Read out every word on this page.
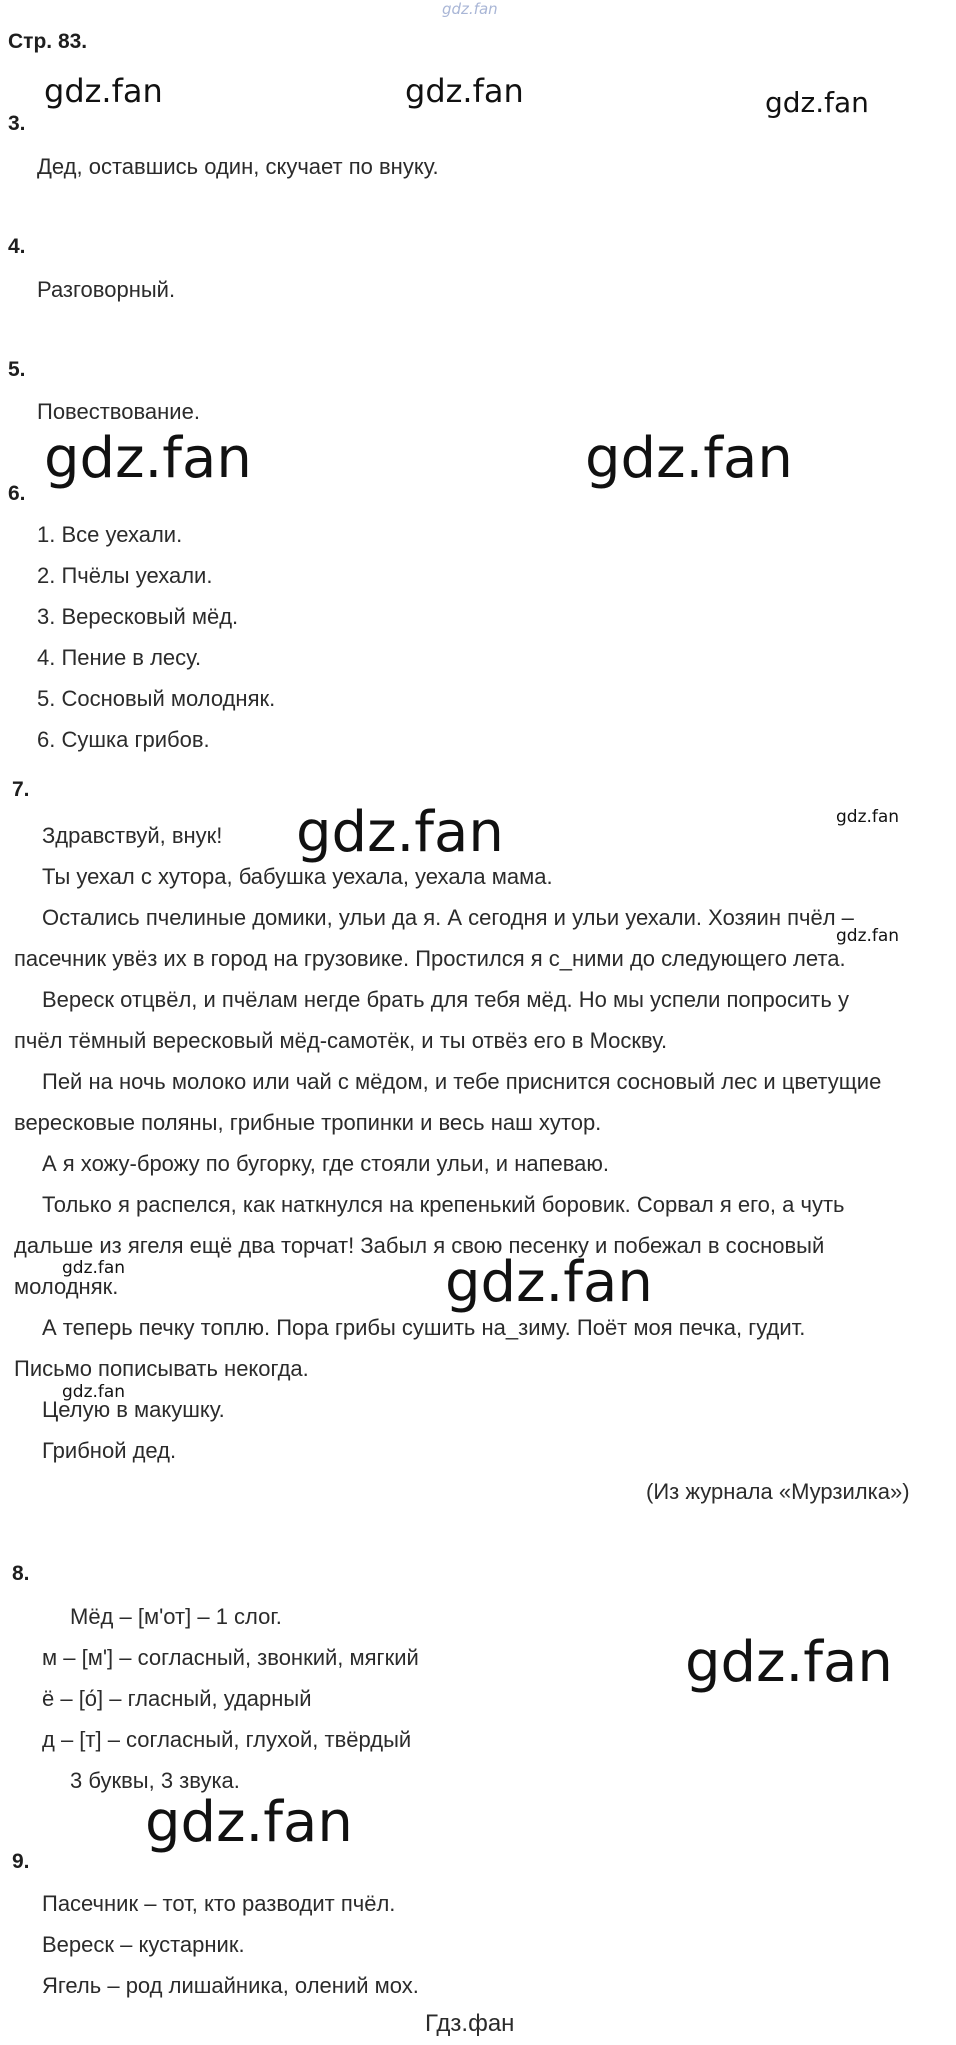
gdz.fan
Стр. 83.
3.
Дед, оставшись один, скучает по внуку.
4.
Разговорный.
5.
Повествование.
6.
1. Все уехали.
2. Пчёлы уехали.
3. Вересковый мёд.
4. Пение в лесу.
5. Сосновый молодняк.
6. Сушка грибов.
7.
Здравствуй, внук!
Ты уехал с хутора, бабушка уехала, уехала мама.
Остались пчелиные домики, ульи да я. А сегодня и ульи уехали. Хозяин пчёл –
пасечник увёз их в город на грузовике. Простился я с_ними до следующего лета.
Вереск отцвёл, и пчёлам негде брать для тебя мёд. Но мы успели попросить у
пчёл тёмный вересковый мёд-самотёк, и ты отвёз его в Москву.
Пей на ночь молоко или чай с мёдом, и тебе приснится сосновый лес и цветущие
вересковые поляны, грибные тропинки и весь наш хутор.
А я хожу-брожу по бугорку, где стояли ульи, и напеваю.
Только я распелся, как наткнулся на крепенький боровик. Сорвал я его, а чуть
дальше из ягеля ещё два торчат! Забыл я свою песенку и побежал в сосновый
молодняк.
А теперь печку топлю. Пора грибы сушить на_зиму. Поёт моя печка, гудит.
Письмо пописывать некогда.
Целую в макушку.
Грибной дед.
(Из журнала «Мурзилка»)
8.
Мёд – [м'от] – 1 слог.
м – [м'] – согласный, звонкий, мягкий
ё – [о́] – гласный, ударный
д – [т] – согласный, глухой, твёрдый
3 буквы, 3 звука.
9.
Пасечник – тот, кто разводит пчёл.
Вереск – кустарник.
Ягель – род лишайника, олений мох.
Гдз.фан
gdz.fan	gdz.fan	gdz.fan
gdz.fan	gdz.fan
gdz.fan	gdz.fan
gdz.fan
gdz.fan	gdz.fan
gdz.fan
gdz.fan
gdz.fan
